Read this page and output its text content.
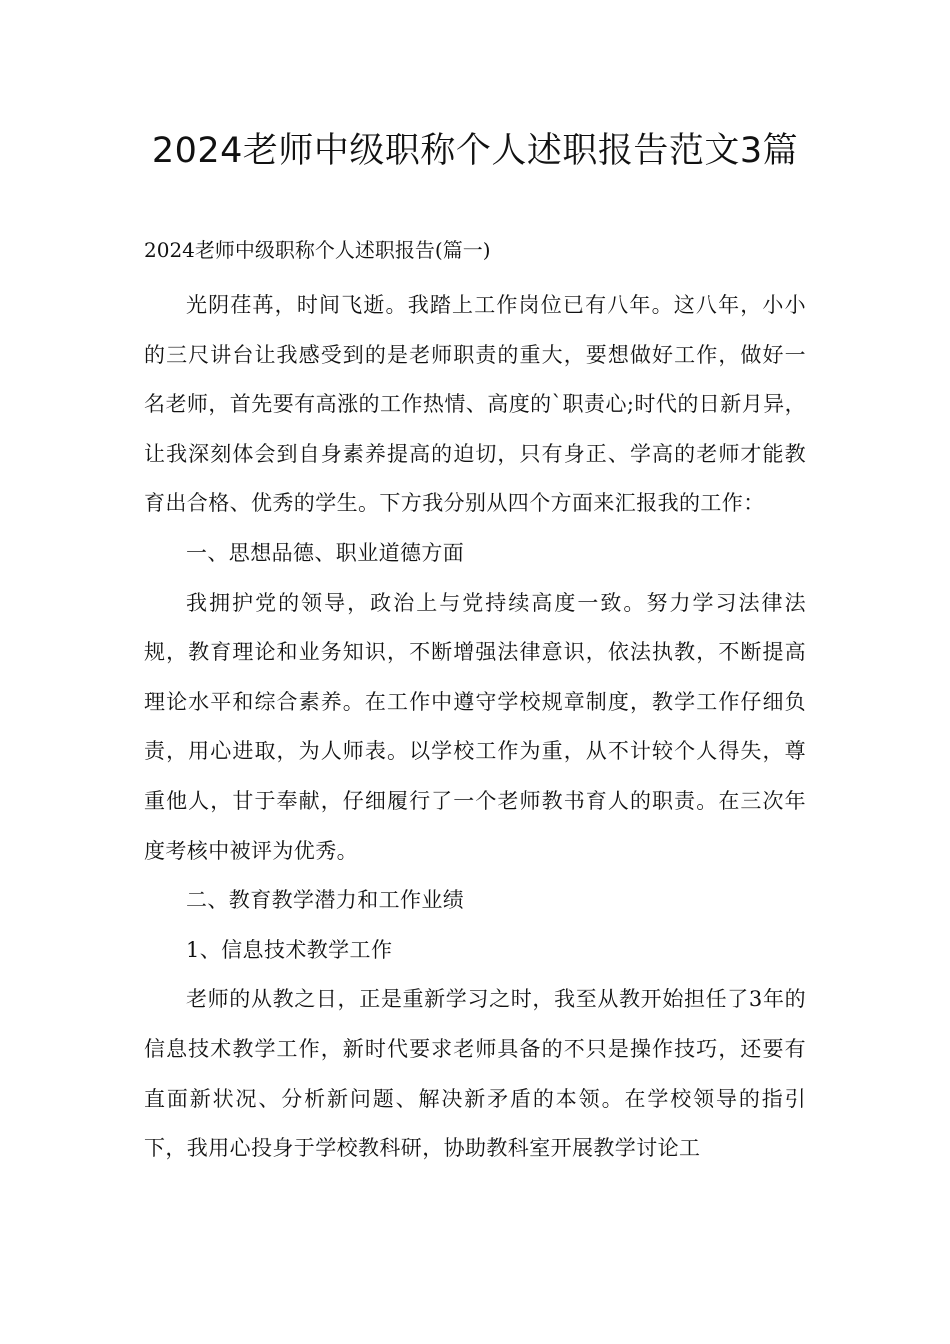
2024老师中级职称个人述职报告范文3篇
2024老师中级职称个人述职报告(篇一)

光阴荏苒，时间飞逝。我踏上工作岗位已有八年。这八年，小小的三尺讲台让我感受到的是老师职责的重大，要想做好工作，做好一名老师，首先要有高涨的工作热情、高度的`职责心;时代的日新月异，让我深刻体会到自身素养提高的迫切，只有身正、学高的老师才能教育出合格、优秀的学生。下方我分别从四个方面来汇报我的工作：

一、思想品德、职业道德方面

我拥护党的领导，政治上与党持续高度一致。努力学习法律法规，教育理论和业务知识，不断增强法律意识，依法执教，不断提高理论水平和综合素养。在工作中遵守学校规章制度，教学工作仔细负责，用心进取，为人师表。以学校工作为重，从不计较个人得失，尊重他人，甘于奉献，仔细履行了一个老师教书育人的职责。在三次年度考核中被评为优秀。

二、教育教学潜力和工作业绩

1、信息技术教学工作

老师的从教之日，正是重新学习之时，我至从教开始担任了3年的信息技术教学工作，新时代要求老师具备的不只是操作技巧，还要有直面新状况、分析新问题、解决新矛盾的本领。在学校领导的指引下，我用心投身于学校教科研，协助教科室开展教学讨论工
